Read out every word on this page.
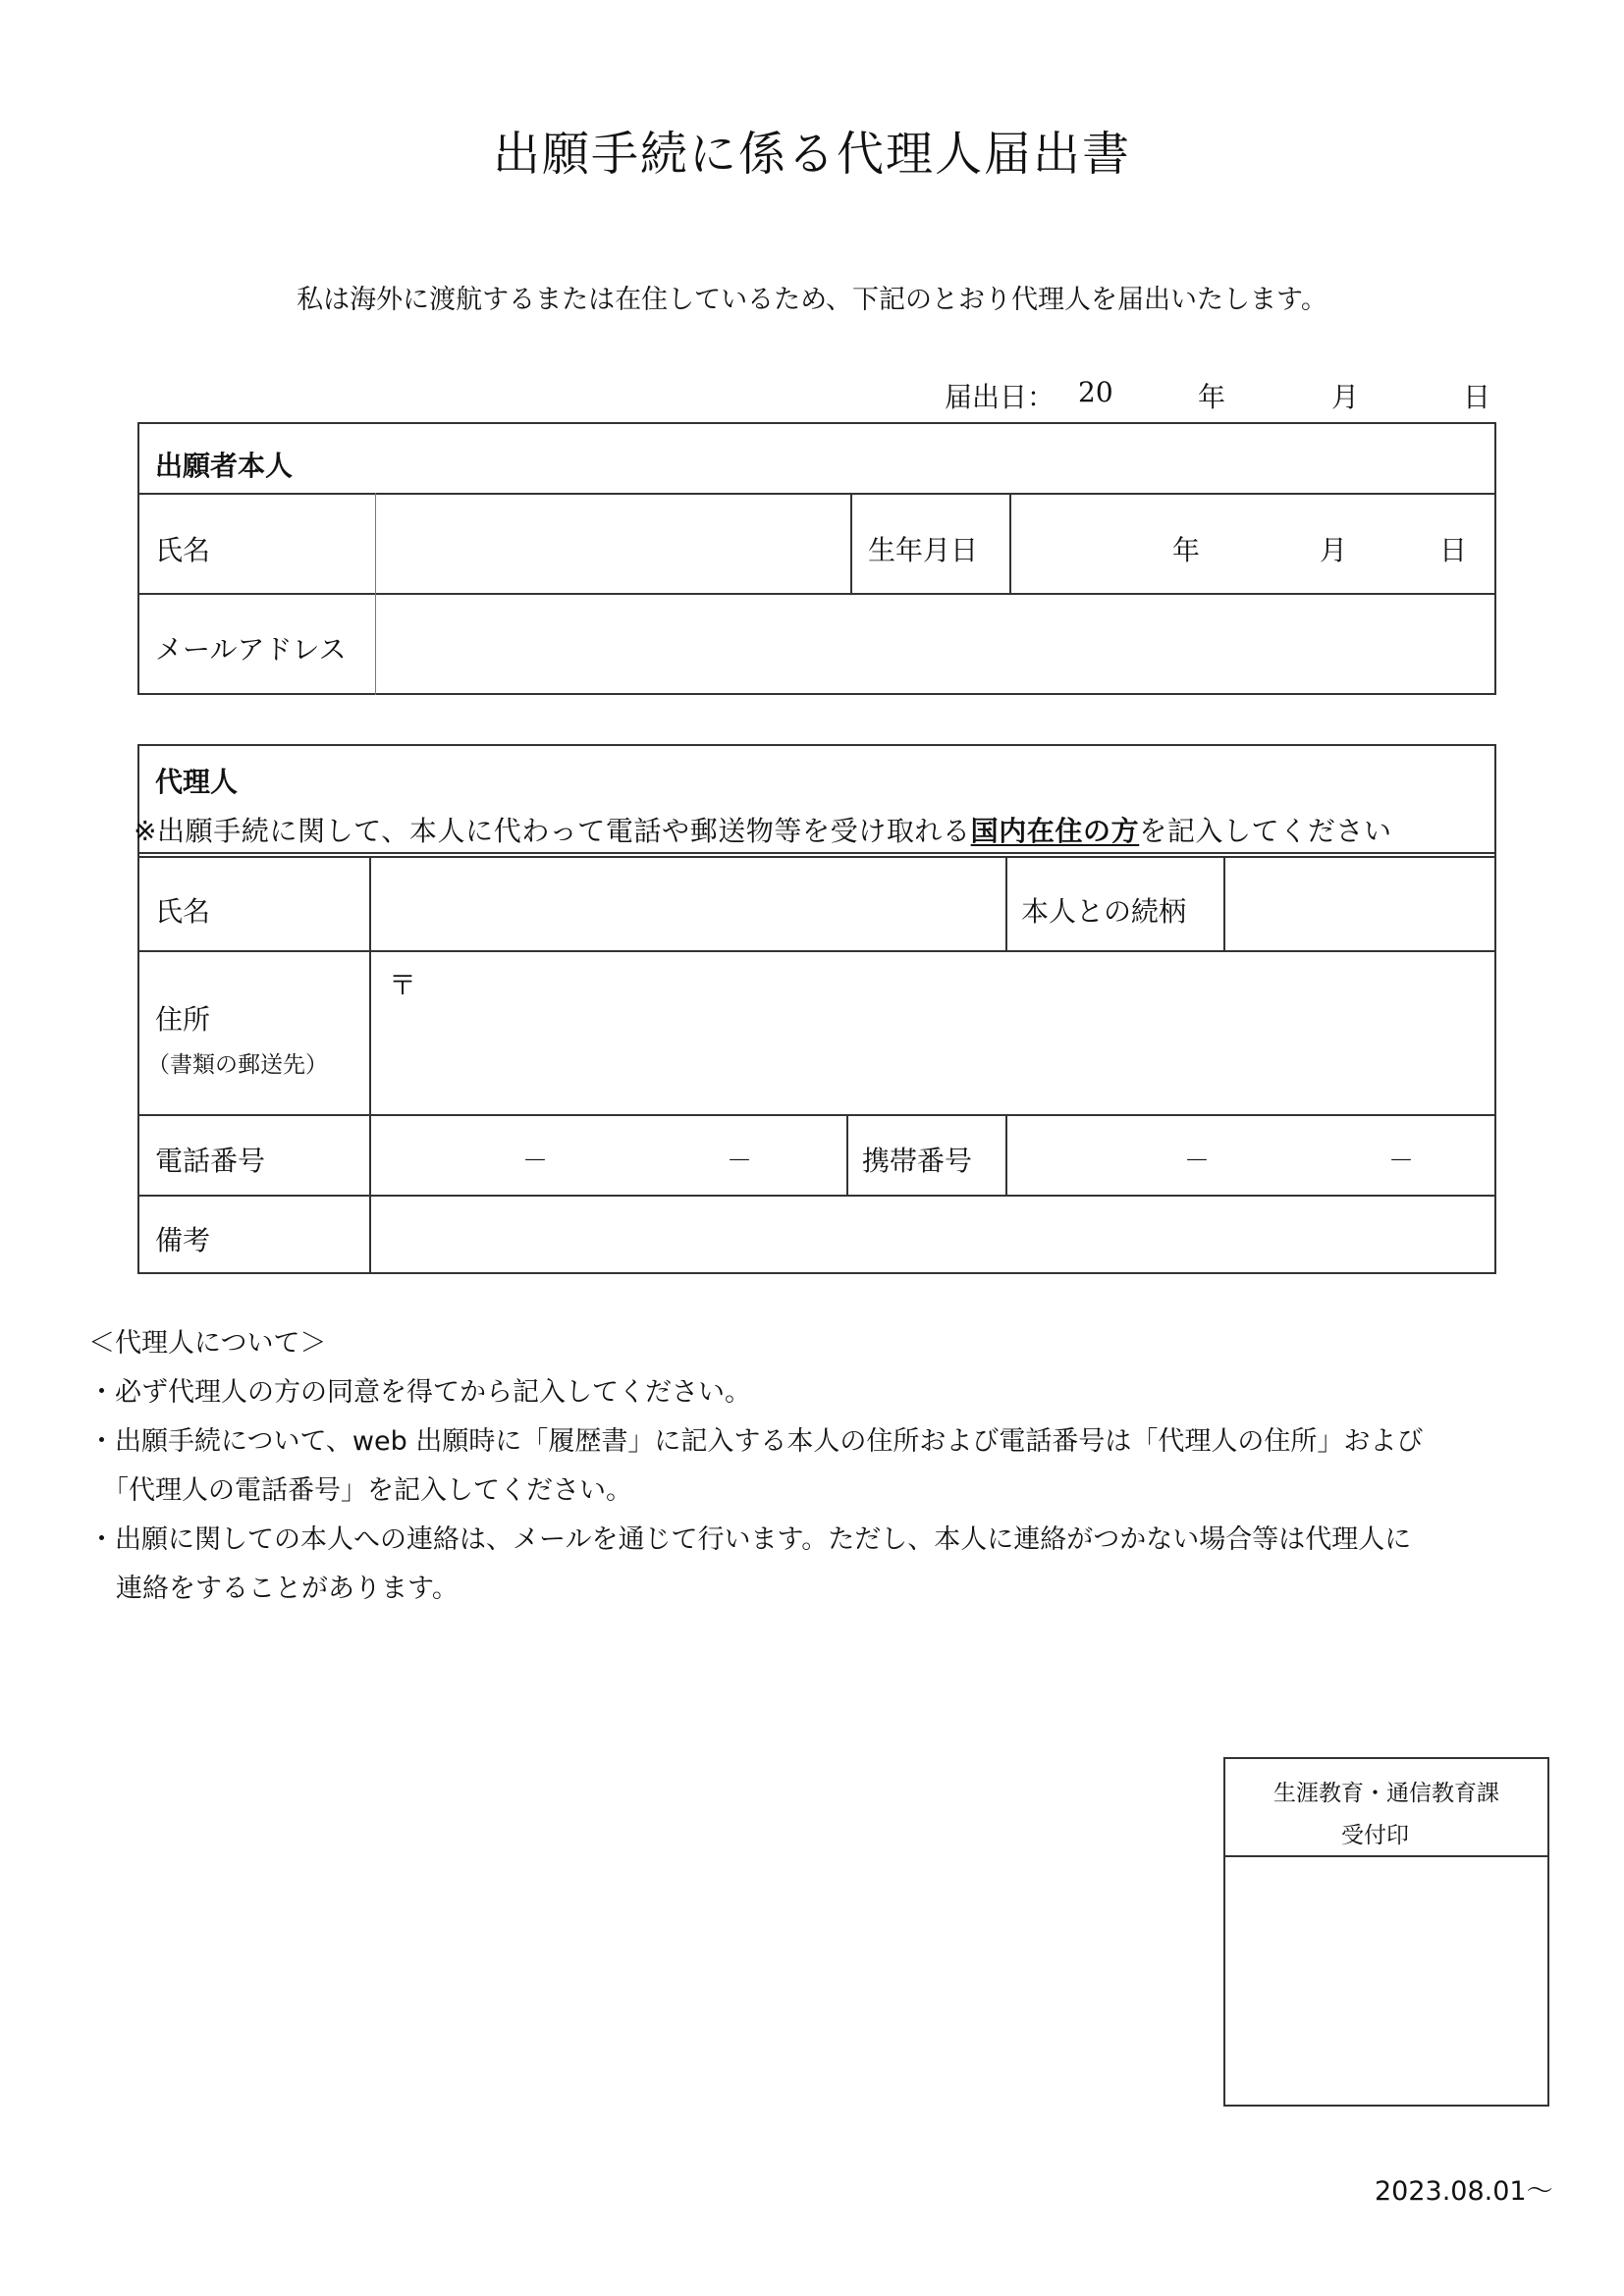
出願手続に係る代理人届出書
私は海外に渡航するまたは在住しているため、下記のとおり代理人を届出いたします。
届出日： 20	年	月	日
出願者本人
氏名	生年月日	年	月	日
メールアドレス
代理人
※出願手続に関して、本人に代わって電話や郵送物等を受け取れる国内在住の方を記入してください
氏名	本人との続柄
住所
（書類の郵送先）
〒
電話番号	－	－	携帯番号	－	－
備考
＜代理人について＞
・必ず代理人の方の同意を得てから記入してください。
・出願手続について、web 出願時に「履歴書」に記入する本人の住所および電話番号は「代理人の住所」および
「代理人の電話番号」を記入してください。
・出願に関しての本人への連絡は、メールを通じて行います。ただし、本人に連絡がつかない場合等は代理人に
連絡をすることがあります。
生涯教育・通信教育課
受付印
2023.08.01～
